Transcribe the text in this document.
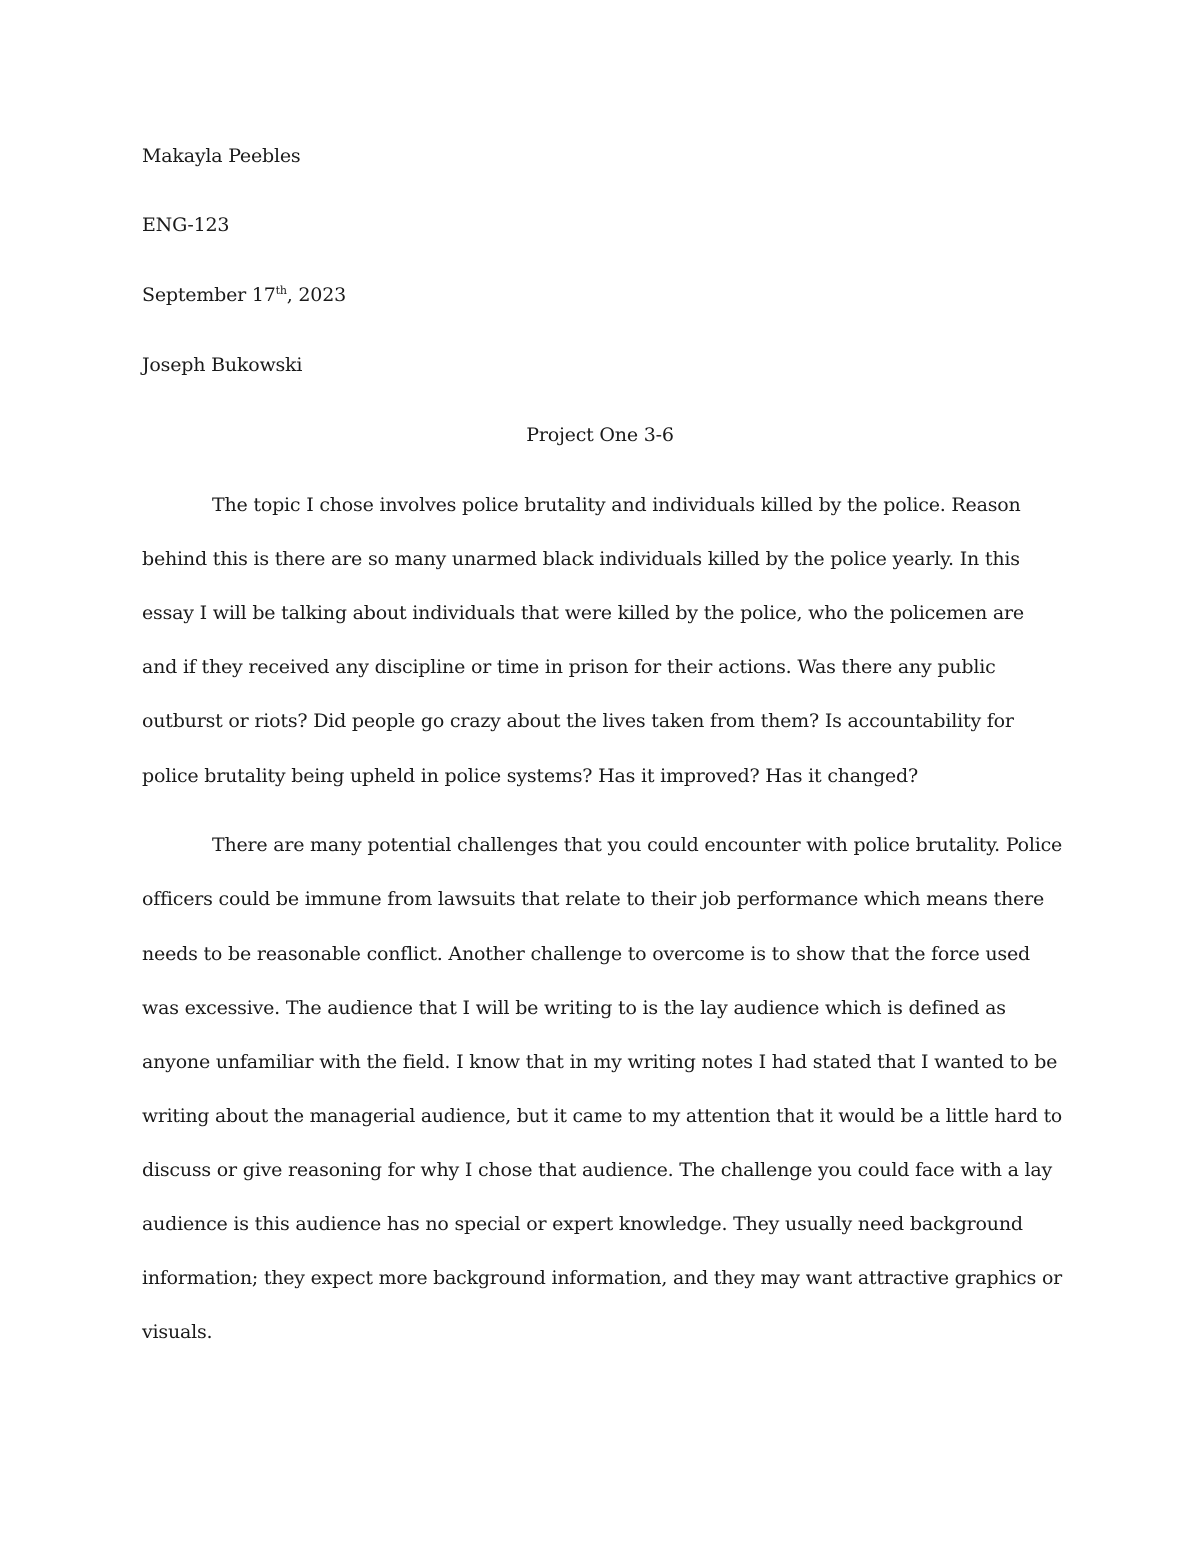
Makayla Peebles
ENG-123
September 17th, 2023
Joseph Bukowski
Project One 3-6
The topic I chose involves police brutality and individuals killed by the police. Reason
behind this is there are so many unarmed black individuals killed by the police yearly. In this
essay I will be talking about individuals that were killed by the police, who the policemen are
and if they received any discipline or time in prison for their actions. Was there any public
outburst or riots? Did people go crazy about the lives taken from them? Is accountability for
police brutality being upheld in police systems? Has it improved? Has it changed?
There are many potential challenges that you could encounter with police brutality. Police
officers could be immune from lawsuits that relate to their job performance which means there
needs to be reasonable conflict. Another challenge to overcome is to show that the force used
was excessive. The audience that I will be writing to is the lay audience which is defined as
anyone unfamiliar with the field. I know that in my writing notes I had stated that I wanted to be
writing about the managerial audience, but it came to my attention that it would be a little hard to
discuss or give reasoning for why I chose that audience. The challenge you could face with a lay
audience is this audience has no special or expert knowledge. They usually need background
information; they expect more background information, and they may want attractive graphics or
visuals.
